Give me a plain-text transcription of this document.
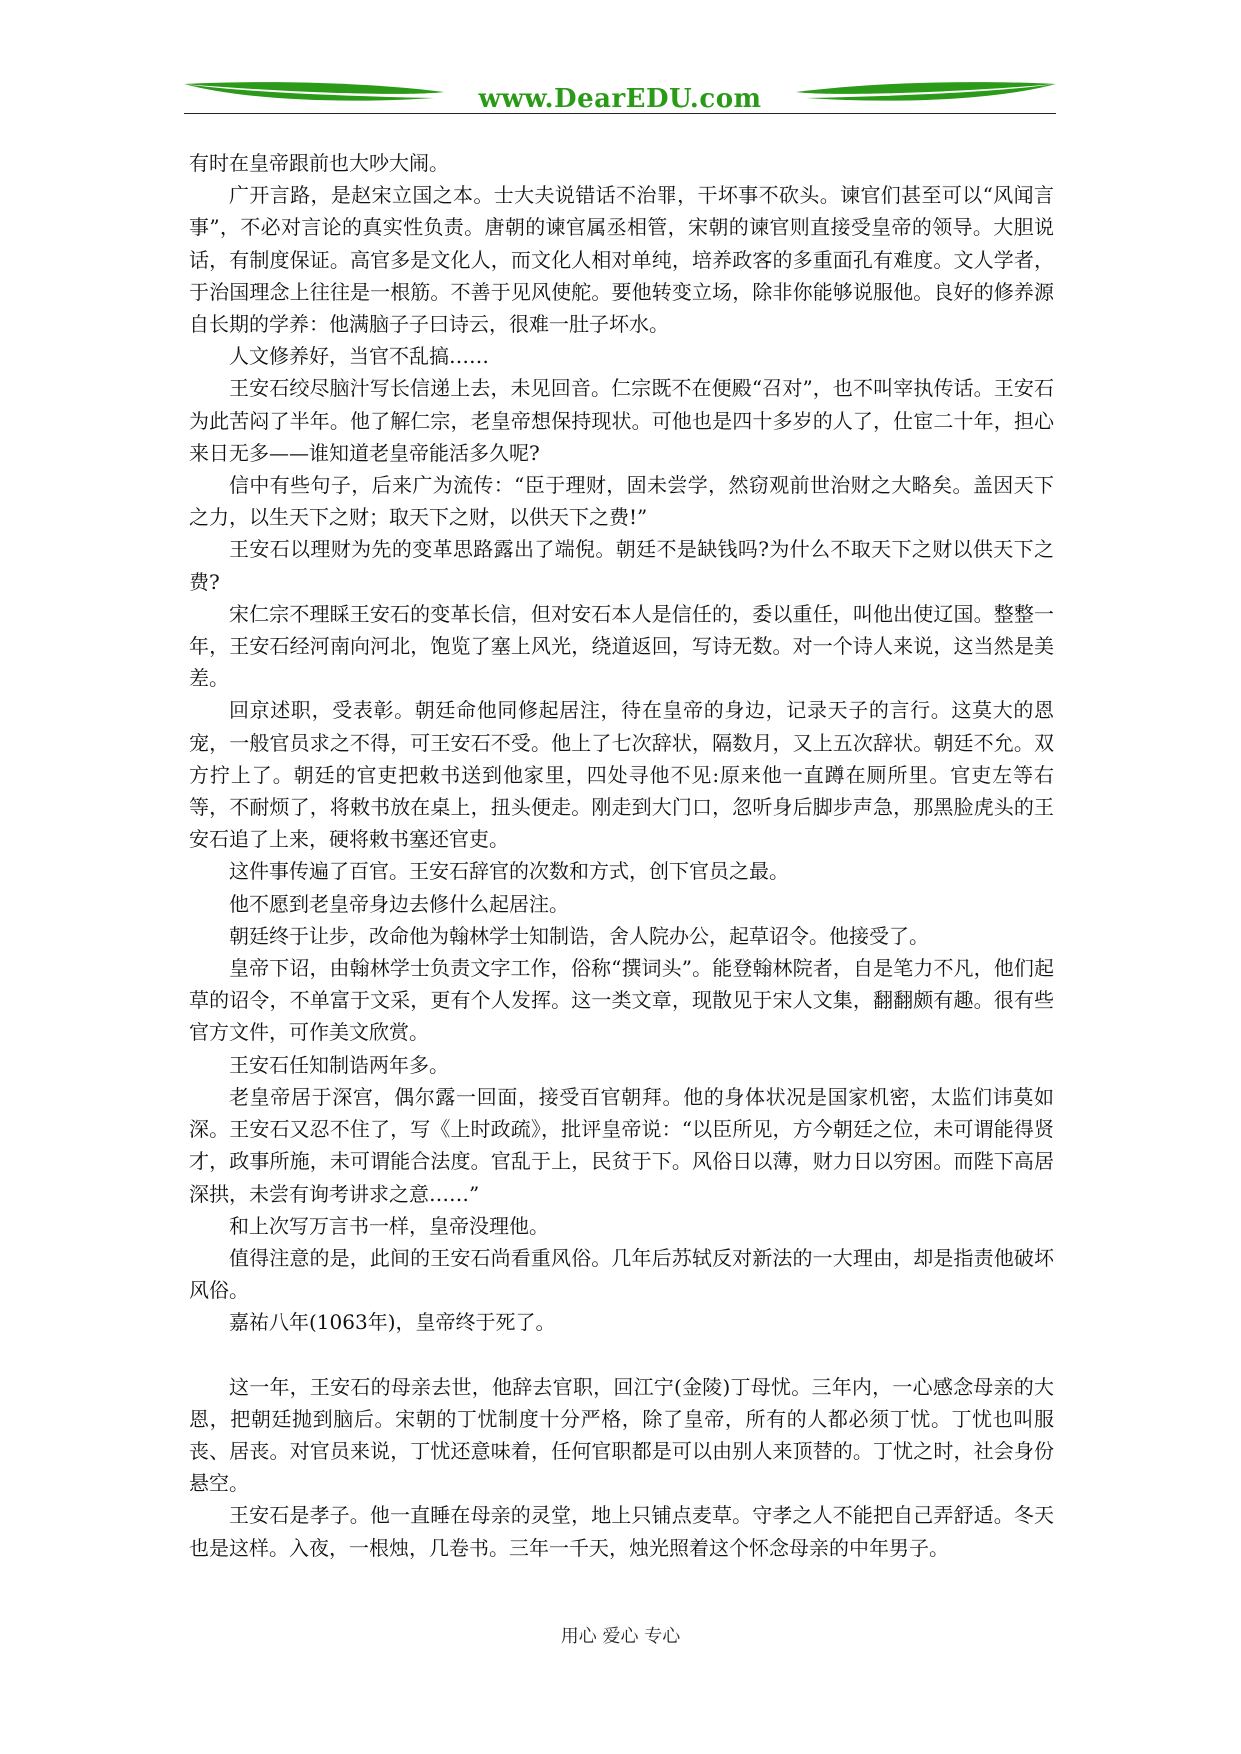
www.DearEDU.com

有时在皇帝跟前也大吵大闹。

广开言路，是赵宋立国之本。士大夫说错话不治罪，干坏事不砍头。谏官们甚至可以“风闻言事”，不必对言论的真实性负责。唐朝的谏官属丞相管，宋朝的谏官则直接受皇帝的领导。大胆说话，有制度保证。高官多是文化人，而文化人相对单纯，培养政客的多重面孔有难度。文人学者，于治国理念上往往是一根筋。不善于见风使舵。要他转变立场，除非你能够说服他。良好的修养源自长期的学养：他满脑子子曰诗云，很难一肚子坏水。

人文修养好，当官不乱搞……

王安石绞尽脑汁写长信递上去，未见回音。仁宗既不在便殿“召对”，也不叫宰执传话。王安石为此苦闷了半年。他了解仁宗，老皇帝想保持现状。可他也是四十多岁的人了，仕宦二十年，担心来日无多——谁知道老皇帝能活多久呢?

信中有些句子，后来广为流传：“臣于理财，固未尝学，然窃观前世治财之大略矣。盖因天下之力，以生天下之财；取天下之财，以供天下之费!”

王安石以理财为先的变革思路露出了端倪。朝廷不是缺钱吗?为什么不取天下之财以供天下之费?

宋仁宗不理睬王安石的变革长信，但对安石本人是信任的，委以重任，叫他出使辽国。整整一年，王安石经河南向河北，饱览了塞上风光，绕道返回，写诗无数。对一个诗人来说，这当然是美差。

回京述职，受表彰。朝廷命他同修起居注，待在皇帝的身边，记录天子的言行。这莫大的恩宠，一般官员求之不得，可王安石不受。他上了七次辞状，隔数月，又上五次辞状。朝廷不允。双方拧上了。朝廷的官吏把敕书送到他家里，四处寻他不见:原来他一直蹲在厕所里。官吏左等右等，不耐烦了，将敕书放在桌上，扭头便走。刚走到大门口，忽听身后脚步声急，那黑脸虎头的王安石追了上来，硬将敕书塞还官吏。

这件事传遍了百官。王安石辞官的次数和方式，创下官员之最。

他不愿到老皇帝身边去修什么起居注。

朝廷终于让步，改命他为翰林学士知制诰，舍人院办公，起草诏令。他接受了。

皇帝下诏，由翰林学士负责文字工作，俗称“撰词头”。能登翰林院者，自是笔力不凡，他们起草的诏令，不单富于文采，更有个人发挥。这一类文章，现散见于宋人文集，翻翻颇有趣。很有些官方文件，可作美文欣赏。

王安石任知制诰两年多。

老皇帝居于深宫，偶尔露一回面，接受百官朝拜。他的身体状况是国家机密，太监们讳莫如深。王安石又忍不住了，写《上时政疏》，批评皇帝说：“以臣所见，方今朝廷之位，未可谓能得贤才，政事所施，未可谓能合法度。官乱于上，民贫于下。风俗日以薄，财力日以穷困。而陛下高居深拱，未尝有询考讲求之意……”

和上次写万言书一样，皇帝没理他。

值得注意的是，此间的王安石尚看重风俗。几年后苏轼反对新法的一大理由，却是指责他破坏风俗。

嘉祐八年(1063年)，皇帝终于死了。

这一年，王安石的母亲去世，他辞去官职，回江宁(金陵)丁母忧。三年内，一心感念母亲的大恩，把朝廷抛到脑后。宋朝的丁忧制度十分严格，除了皇帝，所有的人都必须丁忧。丁忧也叫服丧、居丧。对官员来说，丁忧还意味着，任何官职都是可以由别人来顶替的。丁忧之时，社会身份悬空。

王安石是孝子。他一直睡在母亲的灵堂，地上只铺点麦草。守孝之人不能把自己弄舒适。冬天也是这样。入夜，一根烛，几卷书。三年一千天，烛光照着这个怀念母亲的中年男子。

用心 爱心 专心
